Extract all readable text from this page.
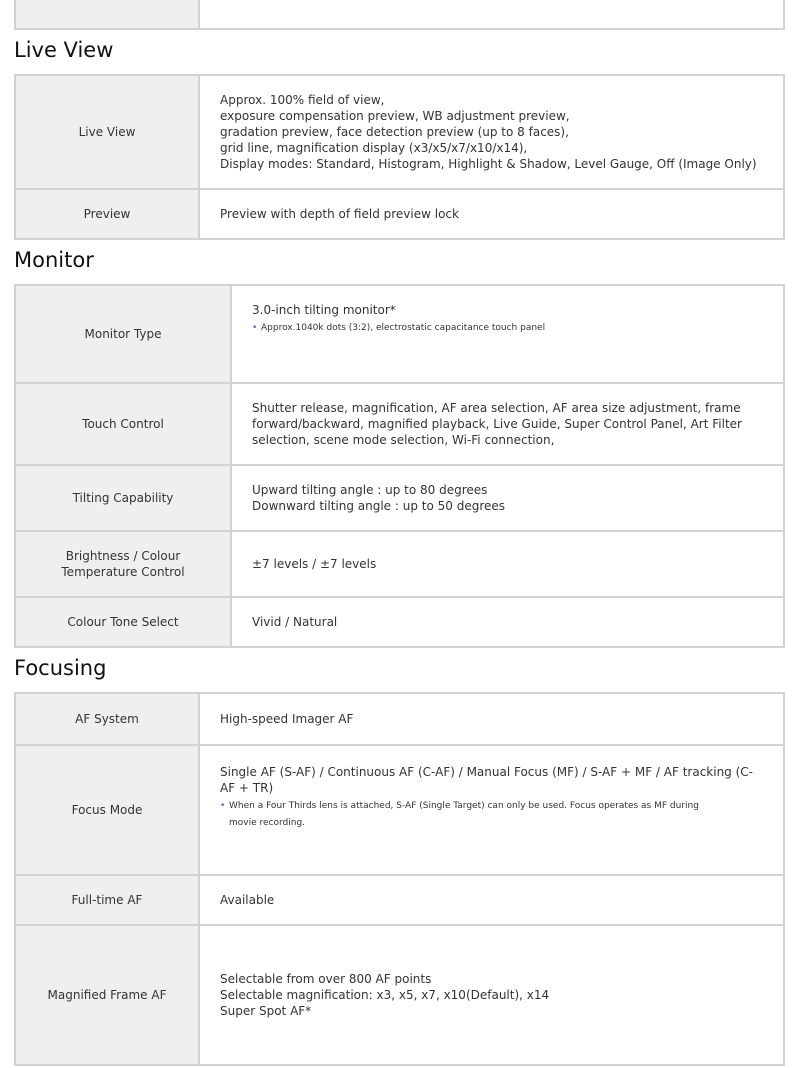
Live View
Live View	Approx. 100% field of view,
exposure compensation preview, WB adjustment preview,
gradation preview, face detection preview (up to 8 faces),
grid line, magnification display (x3/x5/x7/x10/x14),
Display modes: Standard, Histogram, Highlight & Shadow, Level Gauge, Off (Image Only)

Preview	Preview with depth of field preview lock
Monitor
Monitor Type	3.0-inch tilting monitor*
• Approx.1040k dots (3:2), electrostatic capacitance touch panel

Touch Control	Shutter release, magnification, AF area selection, AF area size adjustment, frame forward/backward, magnified playback, Live Guide, Super Control Panel, Art Filter selection, scene mode selection, Wi-Fi connection,

Tilting Capability	Upward tilting angle : up to 80 degrees
Downward tilting angle : up to 50 degrees

Brightness / Colour Temperature Control	±7 levels / ±7 levels

Colour Tone Select	Vivid / Natural
Focusing
AF System	High-speed Imager AF

Focus Mode	Single AF (S-AF) / Continuous AF (C-AF) / Manual Focus (MF) / S-AF + MF / AF tracking (C-AF + TR)
• When a Four Thirds lens is attached, S-AF (Single Target) can only be used. Focus operates as MF during movie recording.

Full-time AF	Available

Magnified Frame AF	Selectable from over 800 AF points
Selectable magnification: x3, x5, x7, x10(Default), x14
Super Spot AF*
